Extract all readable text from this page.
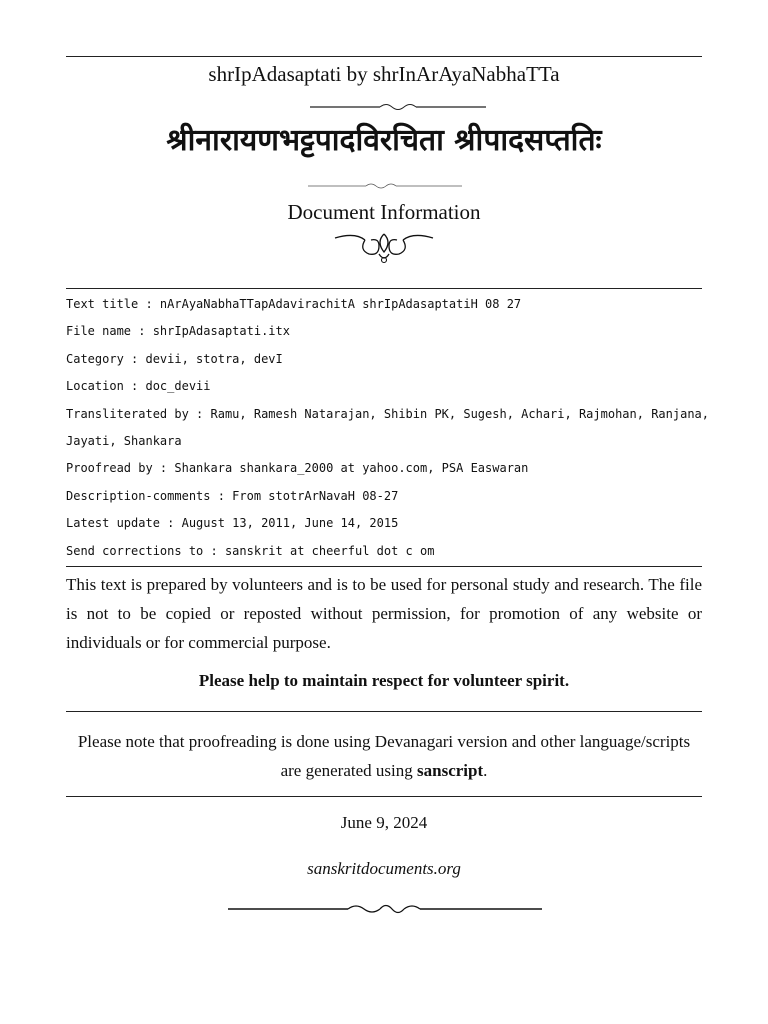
shrIpAdasaptati by shrInArAyaNabhaTTa
श्रीनारायणभट्टपादविरचिता श्रीपादसप्ततिः
Document Information
Text title : nArAyaNabhaTTapAdavirachitA shrIpAdasaptatiH 08 27
File name : shrIpAdasaptati.itx
Category : devii, stotra, devI
Location : doc_devii
Transliterated by : Ramu, Ramesh Natarajan, Shibin PK, Sugesh, Achari, Rajmohan, Ranjana,
Jayati, Shankara
Proofread by : Shankara shankara_2000 at yahoo.com, PSA Easwaran
Description-comments : From stotrArNavaH 08-27
Latest update : August 13, 2011, June 14, 2015
Send corrections to : sanskrit at cheerful dot c om

This text is prepared by volunteers and is to be used for personal study and research. The file is not to be copied or reposted without permission, for promotion of any website or individuals or for commercial purpose.

Please help to maintain respect for volunteer spirit.
Please note that proofreading is done using Devanagari version and other language/scripts are generated using sanscript.
June 9, 2024
sanskritdocuments.org
